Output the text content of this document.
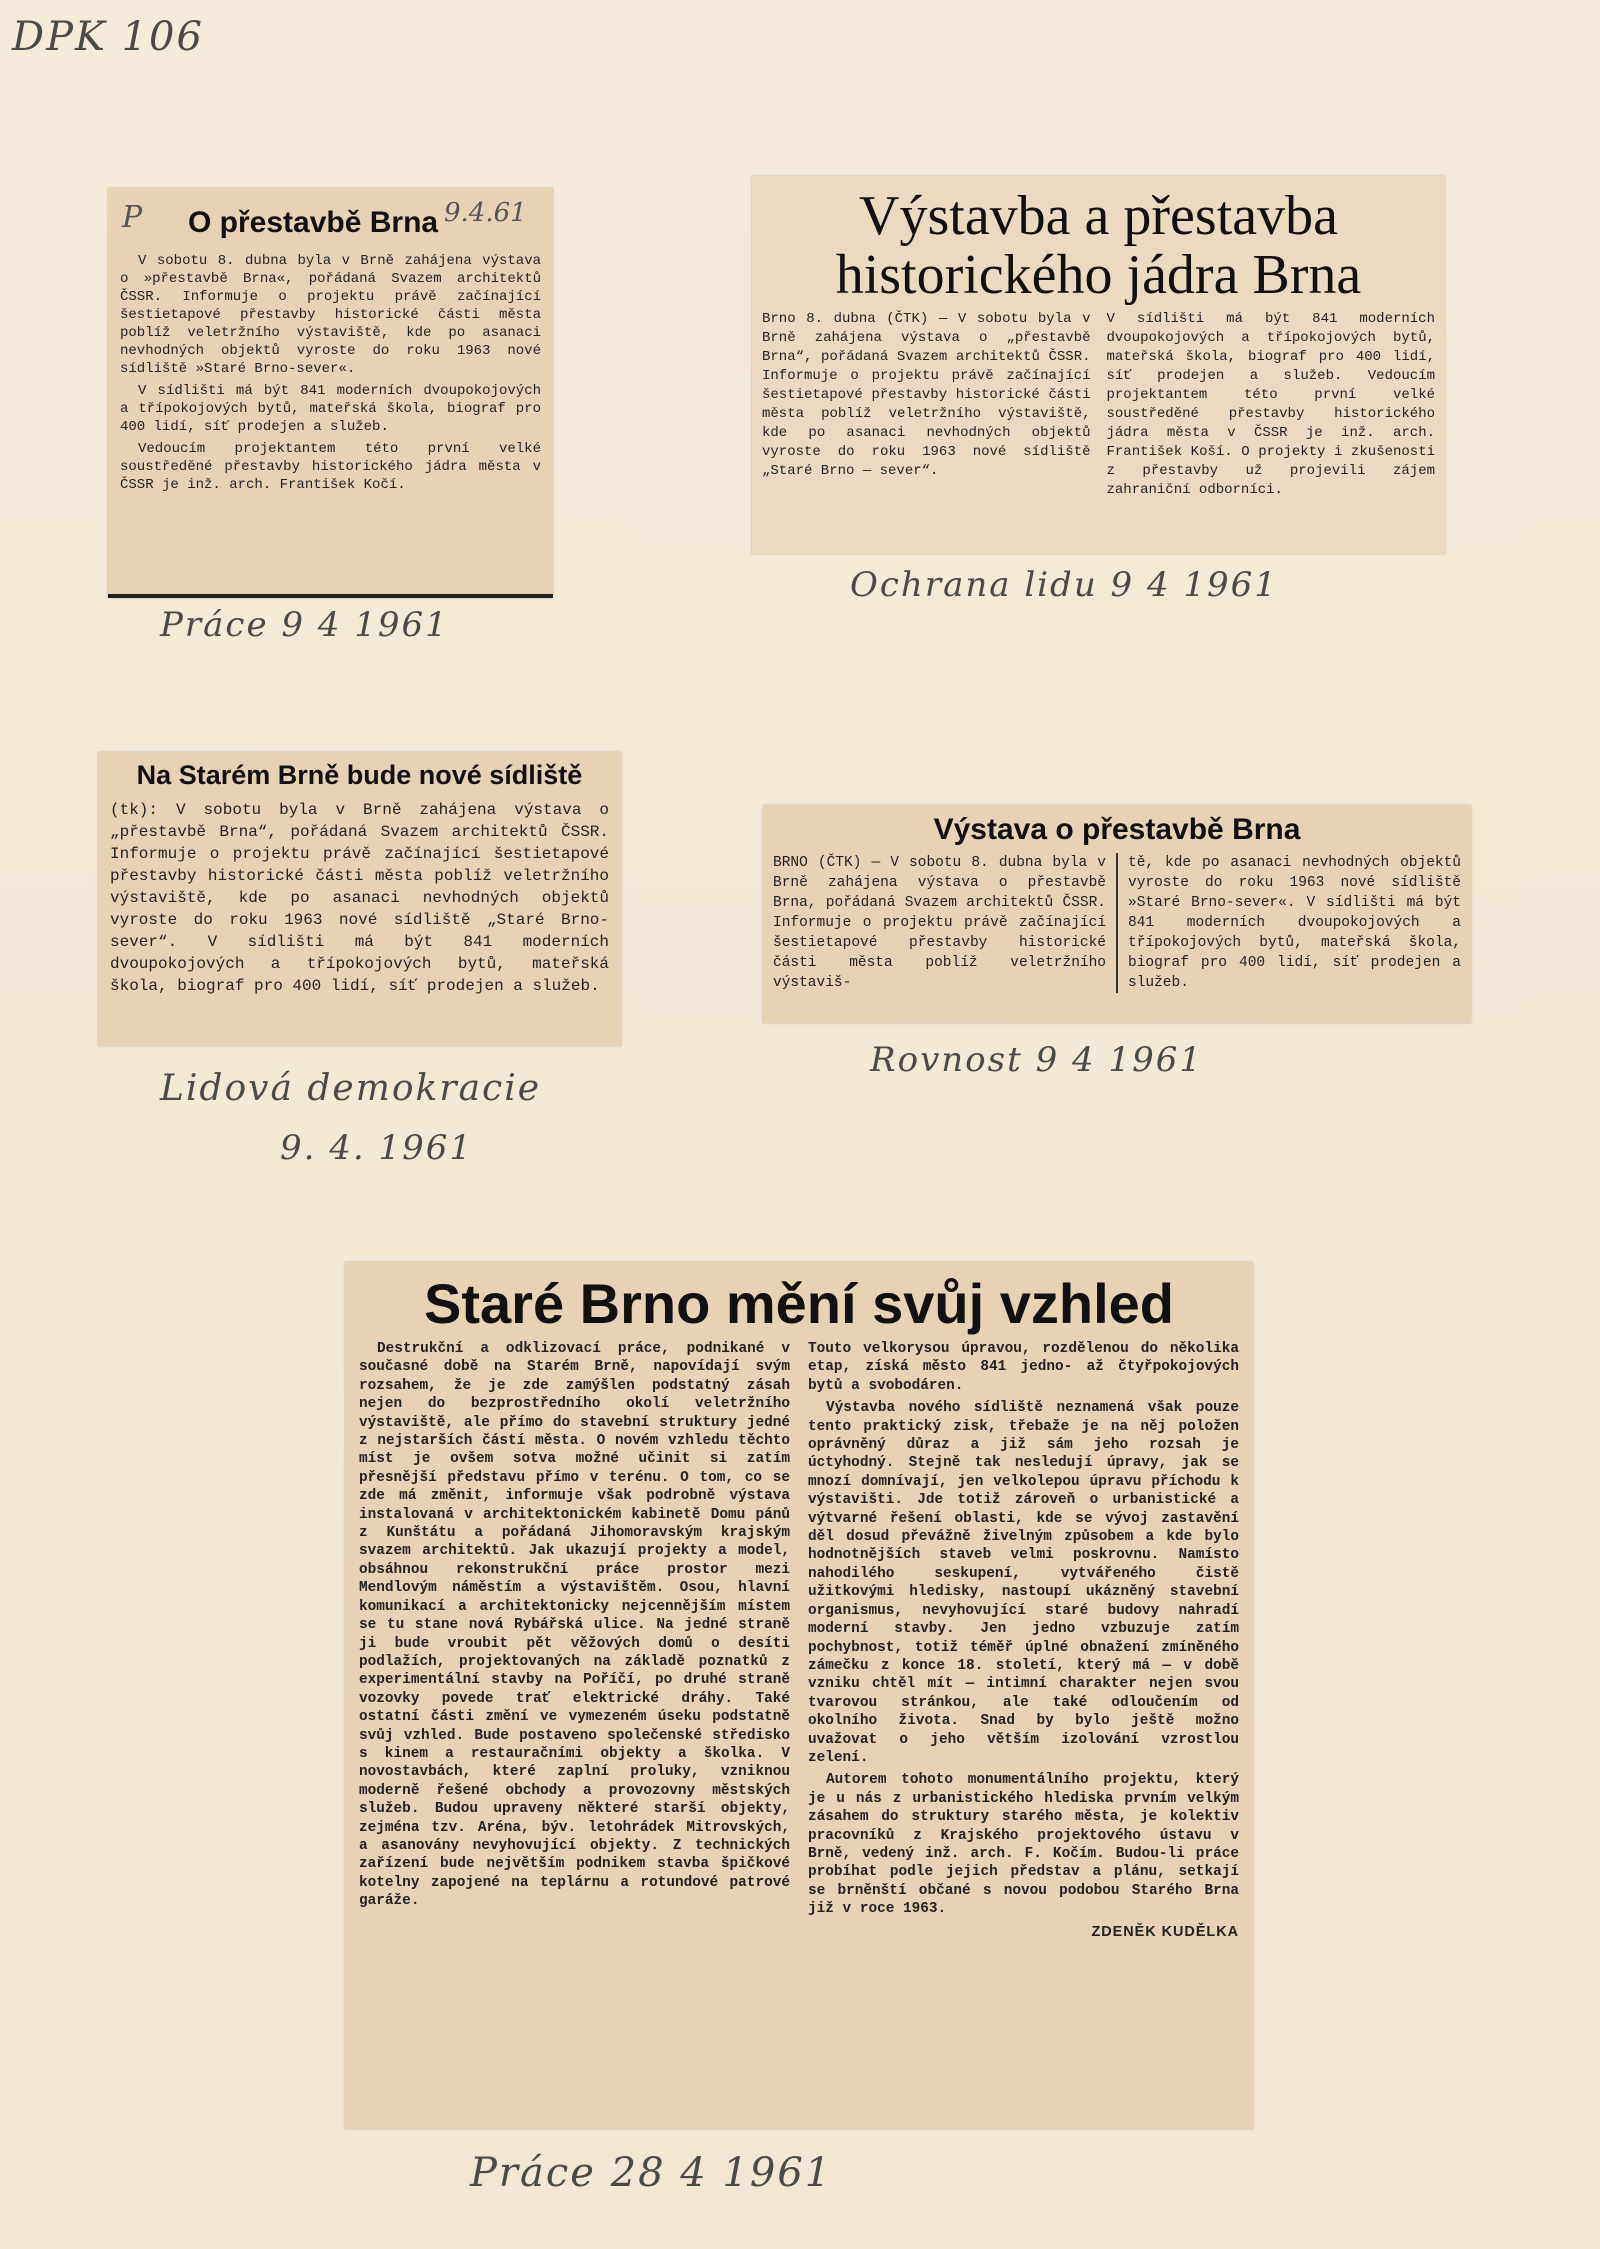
DPK 106
P O přestavbě Brna 9.4.61

V sobotu 8. dubna byla v Brně zahájena výstava o »přestavbě Brna«, pořádaná Svazem architektů ČSSR. Informuje o projektu právě začínající šestietapové přestavby historické části města poblíž veletržního výstaviště, kde po asanaci nevhodných objektů vyroste do roku 1963 nové sídliště »Staré Brno-sever«.

V sídlišti má být 841 moderních dvoupokojových a třípokojových bytů, mateřská škola, biograf pro 400 lidí, síť prodejen a služeb.

Vedoucím projektantem této první velké soustředěné přestavby historického jádra města v ČSSR je inž. arch. František Kočí.

Práce 9 4 1961
Výstavba a přestavba
historického jádra Brna
Brno 8. dubna (ČTK) — V sobotu byla v Brně zahájena výstava o „přestavbě Brna“, pořádaná Svazem architektů ČSSR. Informuje o projektu právě začínající šestietapové přestavby historické části města poblíž veletržního výstaviště, kde po asanaci nevhodných objektů vyroste do roku 1963 nové sídliště „Staré Brno — sever“.
V sídlišti má být 841 moderních dvoupokojových a třípokojových bytů, mateřská škola, biograf pro 400 lidí, síť prodejen a služeb. Vedoucím projektantem této první velké soustředěné přestavby historického jádra města v ČSSR je inž. arch. František Koší. O projekty i zkušenosti z přestavby už projevili zájem zahraniční odborníci.
Ochrana lidu 9 4 1961
Na Starém Brně bude nové sídliště
(tk): V sobotu byla v Brně zahájena výstava o „přestavbě Brna“, pořádaná Svazem architektů ČSSR. Informuje o projektu právě začínající šestietapové přestavby historické části města poblíž veletržního výstaviště, kde po asanaci nevhodných objektů vyroste do roku 1963 nové sídliště „Staré Brno-sever“. V sídlišti má být 841 moderních dvoupokojových a třípokojových bytů, mateřská škola, biograf pro 400 lidí, síť prodejen a služeb.
Lidová demokracie
9. 4. 1961
Výstava o přestavbě Brna
BRNO (ČTK) — V sobotu 8. dubna byla v Brně zahájena výstava o přestavbě Brna, pořádaná Svazem architektů ČSSR. Informuje o projektu právě začínající šestietapové přestavby historické části města poblíž veletržního výstaviš-
tě, kde po asanaci nevhodných objektů vyroste do roku 1963 nové sídliště »Staré Brno-sever«. V sídlišti má být 841 moderních dvoupokojových a třípokojových bytů, mateřská škola, biograf pro 400 lidí, síť prodejen a služeb.
Rovnost 9 4 1961
Staré Brno mění svůj vzhled

Destrukční a odklizovací práce, podnikané v současné době na Starém Brně, napovídají svým rozsahem, že je zde zamýšlen podstatný zásah nejen do bezprostředního okolí veletržního výstaviště, ale přímo do stavební struktury jedné z nejstarších částí města. O novém vzhledu těchto míst je ovšem sotva možné učinit si zatím přesnější představu přímo v terénu. O tom, co se zde má změnit, informuje však podrobně výstava instalovaná v architektonickém kabinetě Domu pánů z Kunštátu a pořádaná Jihomoravským krajským svazem architektů. Jak ukazují projekty a model, obsáhnou rekonstrukční práce prostor mezi Mendlovým náměstím a výstavištěm. Osou, hlavní komunikací a architektonicky nejcennějším místem se tu stane nová Rybářská ulice. Na jedné straně ji bude vroubit pět věžových domů o desíti podlažích, projektovaných na základě poznatků z experimentální stavby na Poříčí, po druhé straně vozovky povede trať elektrické dráhy. Také ostatní části změní ve vymezeném úseku podstatně svůj vzhled. Bude postaveno společenské středisko s kinem a restauračními objekty a školka. V novostavbách, které zaplní proluky, vzniknou moderně řešené obchody a provozovny městských služeb. Budou upraveny některé starší objekty, zejména tzv. Aréna, býv. letohrádek Mitrovských, a asanovány nevyhovující objekty. Z technických zařízení bude největším podnikem stavba špičkové kotelny zapojené na teplárnu a rotundové patrové garáže.

Touto velkorysou úpravou, rozdělenou do několika etap, získá město 841 jedno- až čtyřpokojových bytů a svobodáren.

Výstavba nového sídliště neznamená však pouze tento praktický zisk, třebaže je na něj položen oprávněný důraz a již sám jeho rozsah je úctyhodný. Stejně tak nesledují úpravy, jak se mnozí domnívají, jen velkolepou úpravu příchodu k výstavišti. Jde totiž zároveň o urbanistické a výtvarné řešení oblasti, kde se vývoj zastavění děl dosud převážně živelným způsobem a kde bylo hodnotnějších staveb velmi poskrovnu. Namísto nahodilého seskupení, vytvářeného čistě užitkovými hledisky, nastoupí ukázněný stavební organismus, nevyhovující staré budovy nahradí moderní stavby. Jen jedno vzbuzuje zatím pochybnost, totiž téměř úplné obnažení zmíněného zámečku z konce 18. století, který má — v době vzniku chtěl mít — intimní charakter nejen svou tvarovou stránkou, ale také odloučením od okolního života. Snad by bylo ještě možno uvažovat o jeho větším izolování vzrostlou zelení.

Autorem tohoto monumentálního projektu, který je u nás z urbanistického hlediska prvním velkým zásahem do struktury starého města, je kolektiv pracovníků z Krajského projektového ústavu v Brně, vedený inž. arch. F. Kočím. Budou-li práce probíhat podle jejich představ a plánu, setkají se brněnští občané s novou podobou Starého Brna již v roce 1963.

ZDENĚK KUDĚLKA
Práce 28 4 1961
